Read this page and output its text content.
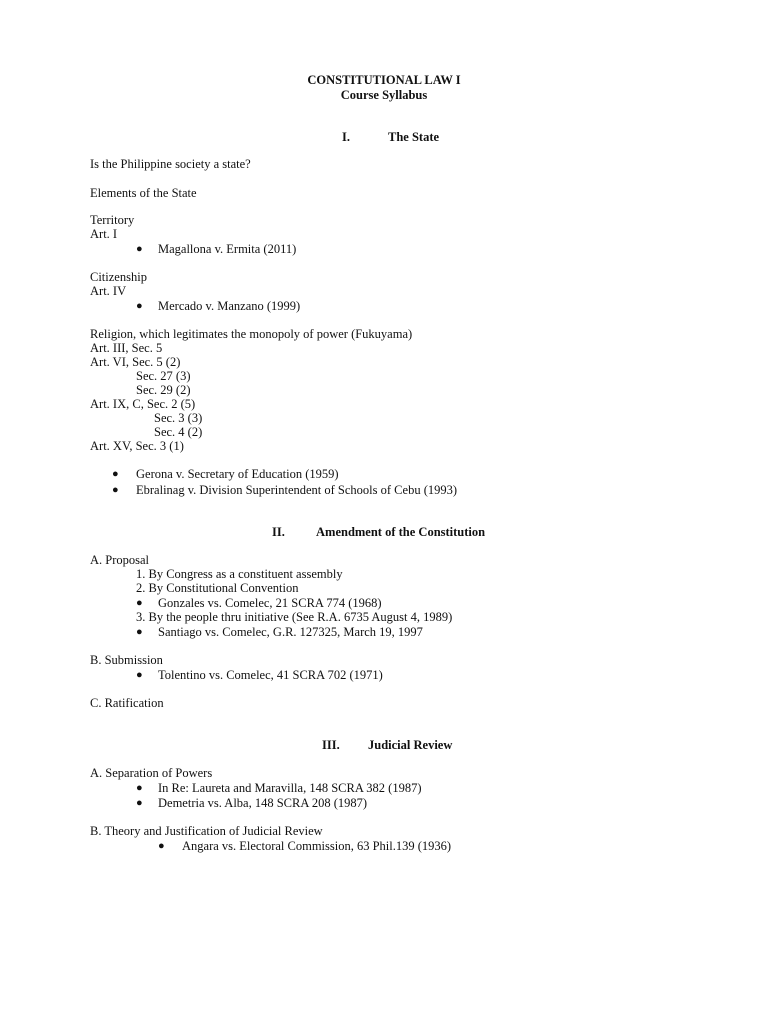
CONSTITUTIONAL LAW I
Course Syllabus
I.	The State
Is the Philippine society a state?
Elements of the State
Territory
Art. I
● Magallona v. Ermita (2011)
Citizenship
Art. IV
● Mercado v. Manzano (1999)
Religion, which legitimates the monopoly of power (Fukuyama)
Art. III, Sec. 5
Art. VI, Sec. 5 (2)
Sec. 27 (3)
Sec. 29 (2)
Art. IX, C, Sec. 2 (5)
Sec. 3 (3)
Sec. 4 (2)
Art. XV, Sec. 3 (1)
● Gerona v. Secretary of Education (1959)
● Ebralinag v. Division Superintendent of Schools of Cebu (1993)
II. Amendment of the Constitution
A. Proposal
1. By Congress as a constituent assembly
2. By Constitutional Convention
● Gonzales vs. Comelec, 21 SCRA 774 (1968)
3. By the people thru initiative (See R.A. 6735 August 4, 1989)
● Santiago vs. Comelec, G.R. 127325, March 19, 1997
B. Submission
● Tolentino vs. Comelec, 41 SCRA 702 (1971)
C. Ratification
III. Judicial Review
A. Separation of Powers
● In Re: Laureta and Maravilla, 148 SCRA 382 (1987)
● Demetria vs. Alba, 148 SCRA 208 (1987)
B. Theory and Justification of Judicial Review
● Angara vs. Electoral Commission, 63 Phil.139 (1936)
